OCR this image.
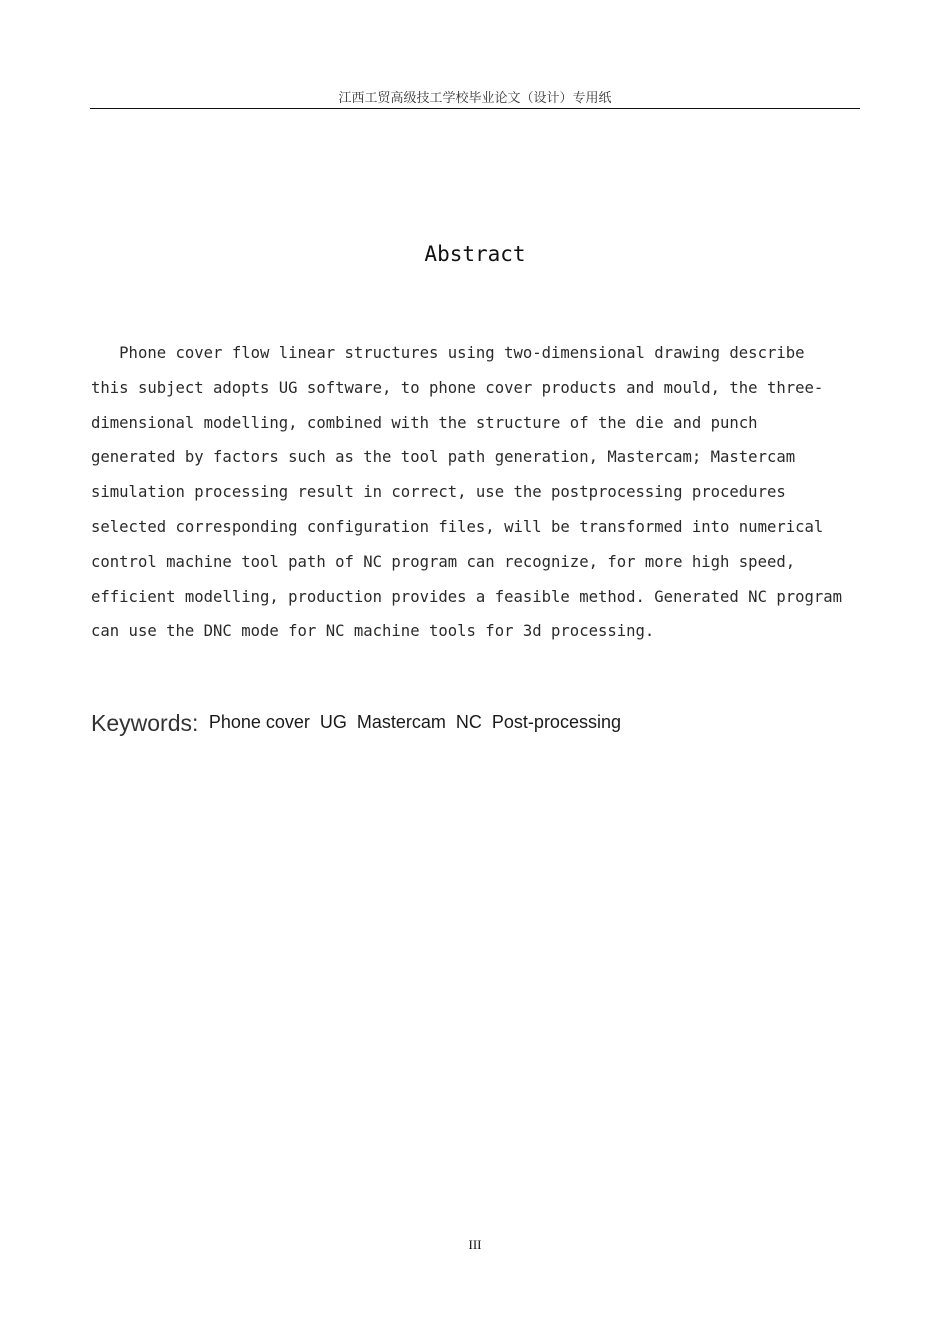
江西工贸高级技工学校毕业论文（设计）专用纸
Abstract

Phone cover flow linear structures using two-dimensional drawing describe
this subject adopts UG software, to phone cover products and mould, the three-
dimensional modelling, combined with the structure of the die and punch
generated by factors such as the tool path generation, Mastercam; Mastercam
simulation processing result in correct, use the postprocessing procedures
selected corresponding configuration files, will be transformed into numerical
control machine tool path of NC program can recognize, for more high speed,
efficient modelling, production provides a feasible method. Generated NC program
can use the DNC mode for NC machine tools for 3d processing.

Keywords: Phone cover  UG  Mastercam  NC  Post-processing
III
